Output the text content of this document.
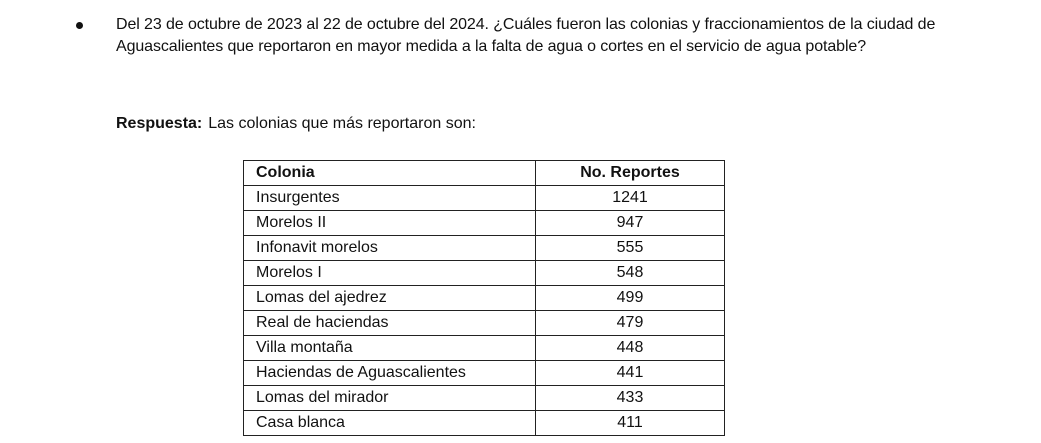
Del 23 de octubre de 2023 al 22 de octubre del 2024. ¿Cuáles fueron las colonias y fraccionamientos de la ciudad de Aguascalientes que reportaron en mayor medida a la falta de agua o cortes en el servicio de agua potable?

Respuesta: Las colonias que más reportaron son:

Colonia	No. Reportes
Insurgentes	1241
Morelos II	947
Infonavit morelos	555
Morelos I	548
Lomas del ajedrez	499
Real de haciendas	479
Villa montaña	448
Haciendas de Aguascalientes	441
Lomas del mirador	433
Casa blanca	411
